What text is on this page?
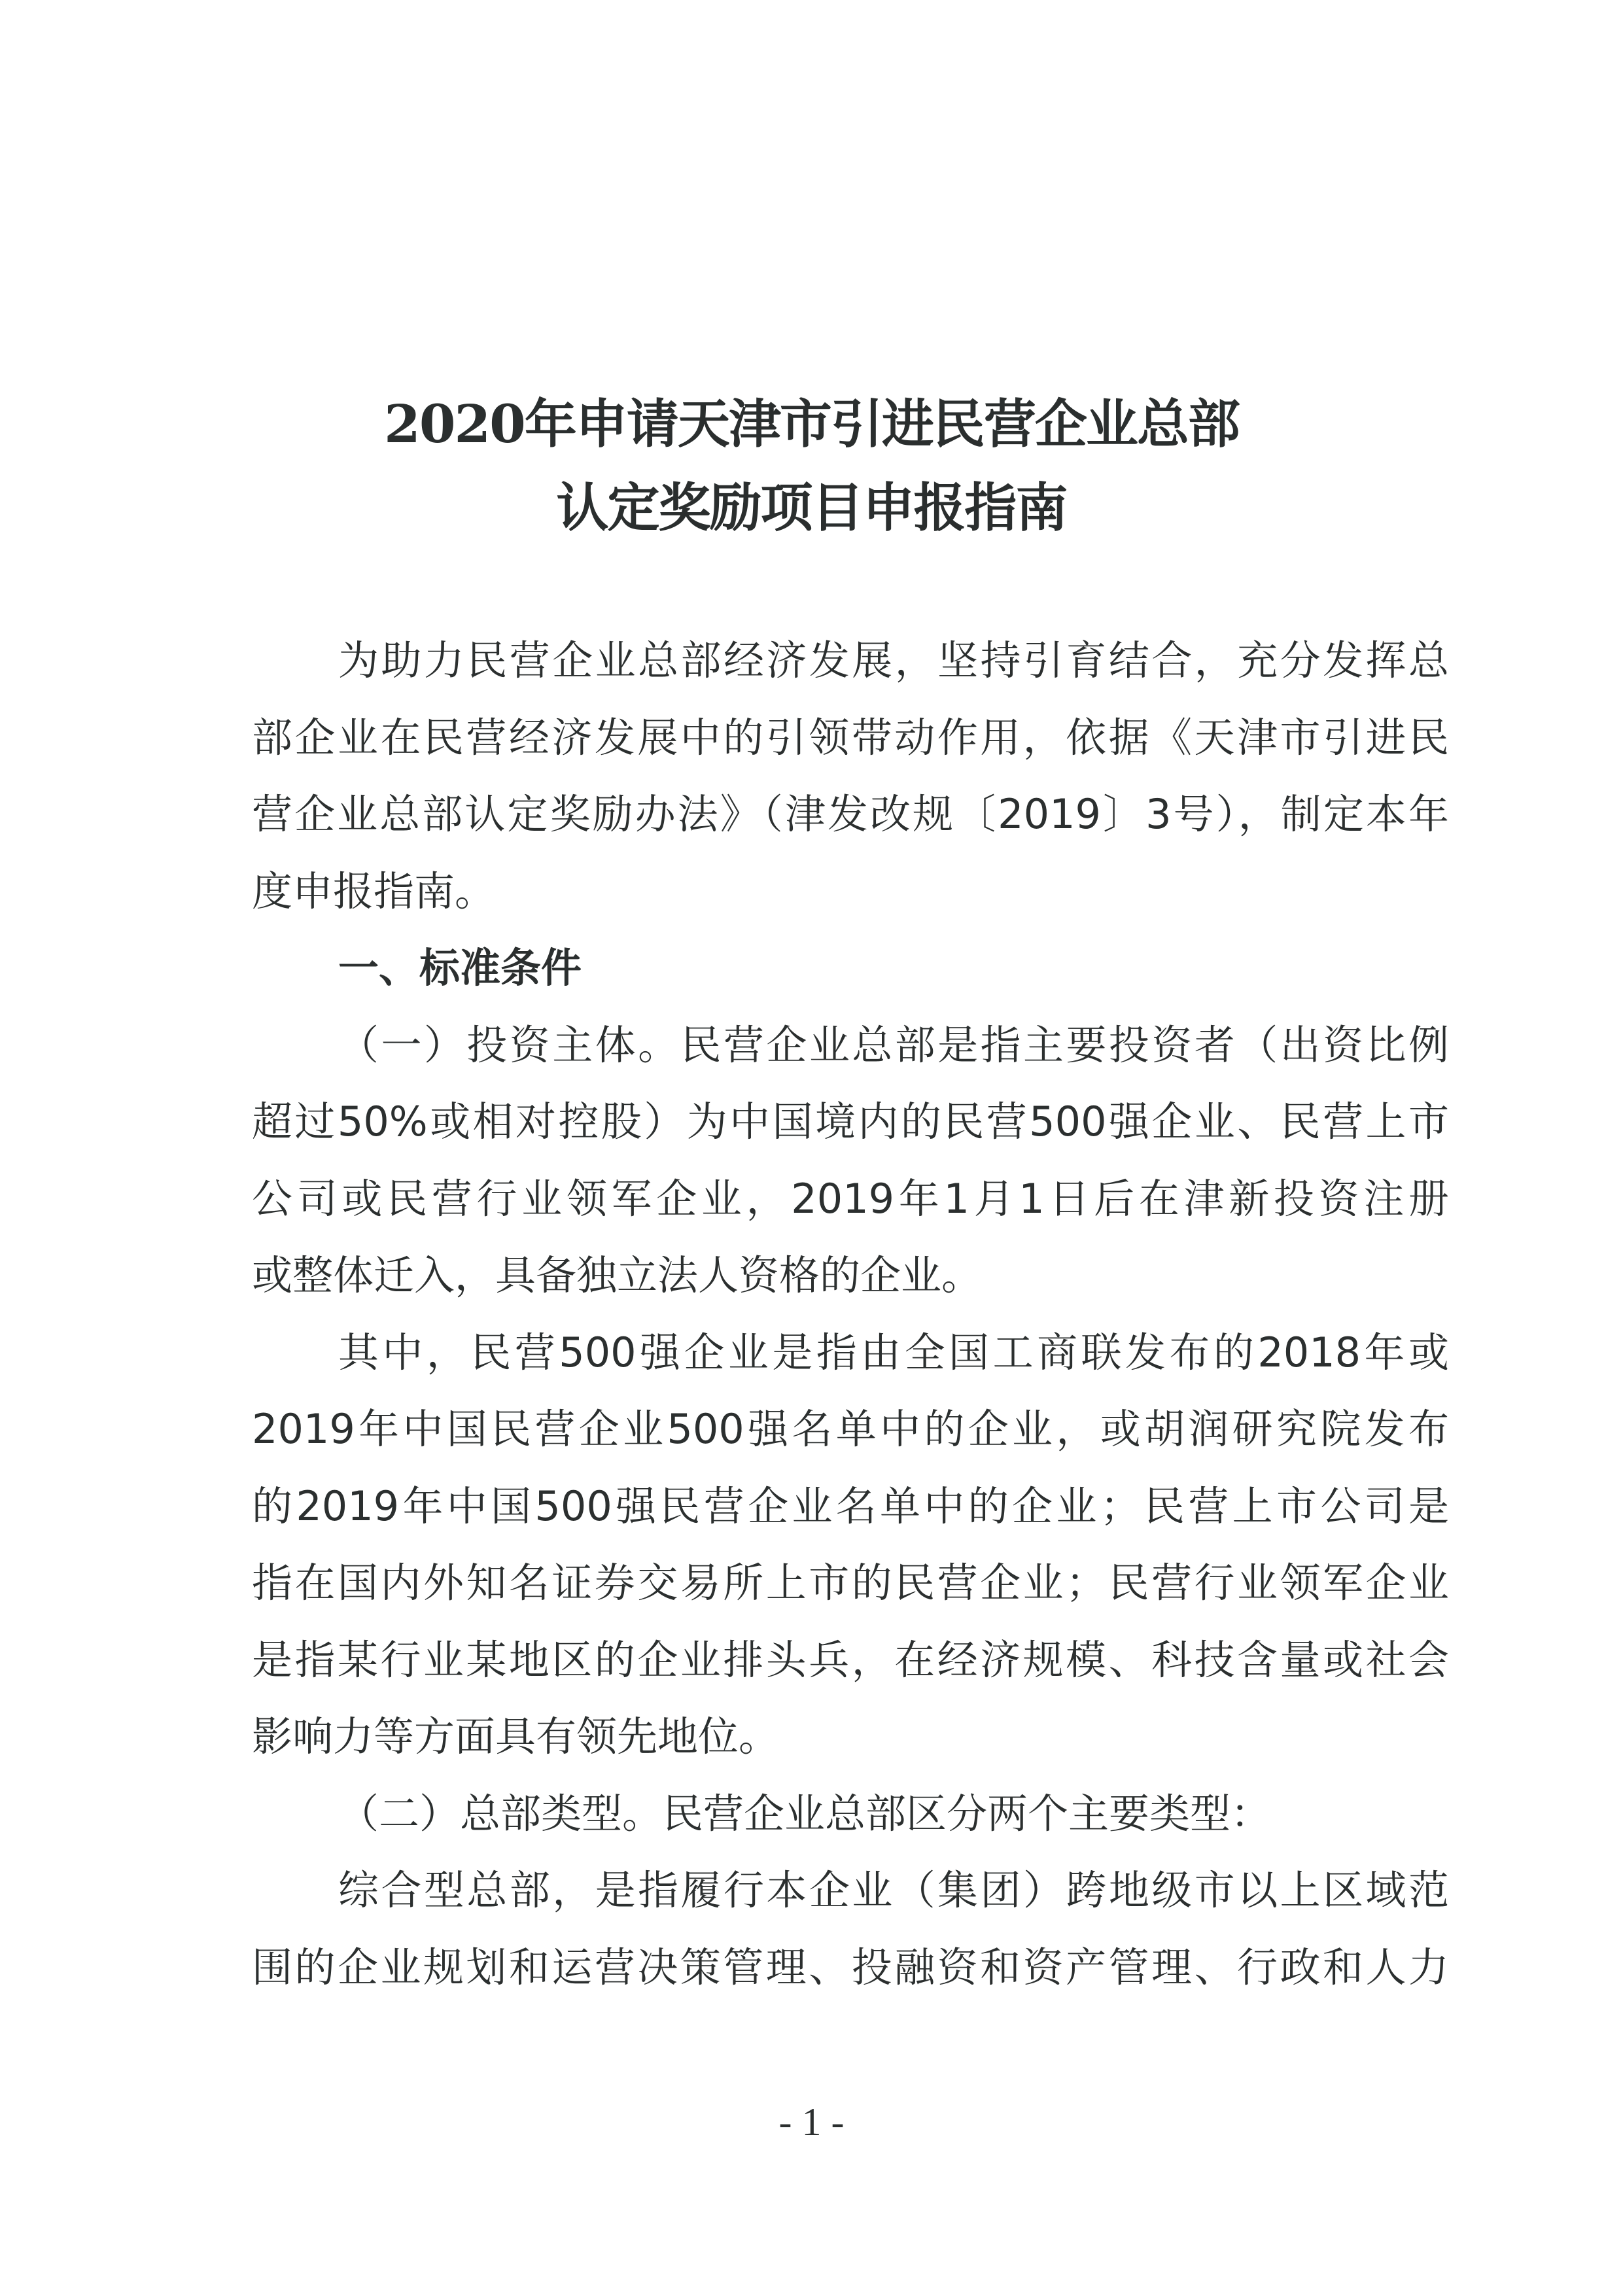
2020年申请天津市引进民营企业总部
认定奖励项目申报指南
为助力民营企业总部经济发展，坚持引育结合，充分发挥总
部企业在民营经济发展中的引领带动作用，依据《天津市引进民
营企业总部认定奖励办法》（津发改规〔2019〕3号），制定本年
度申报指南。
一、标准条件
（一）投资主体。民营企业总部是指主要投资者（出资比例
超过50%或相对控股）为中国境内的民营500强企业、民营上市
公司或民营行业领军企业，2019年1月1日后在津新投资注册
或整体迁入，具备独立法人资格的企业。
其中，民营500强企业是指由全国工商联发布的2018年或
2019年中国民营企业500强名单中的企业，或胡润研究院发布
的2019年中国500强民营企业名单中的企业；民营上市公司是
指在国内外知名证券交易所上市的民营企业；民营行业领军企业
是指某行业某地区的企业排头兵，在经济规模、科技含量或社会
影响力等方面具有领先地位。
（二）总部类型。民营企业总部区分两个主要类型：
综合型总部，是指履行本企业（集团）跨地级市以上区域范
围的企业规划和运营决策管理、投融资和资产管理、行政和人力
- 1 -
